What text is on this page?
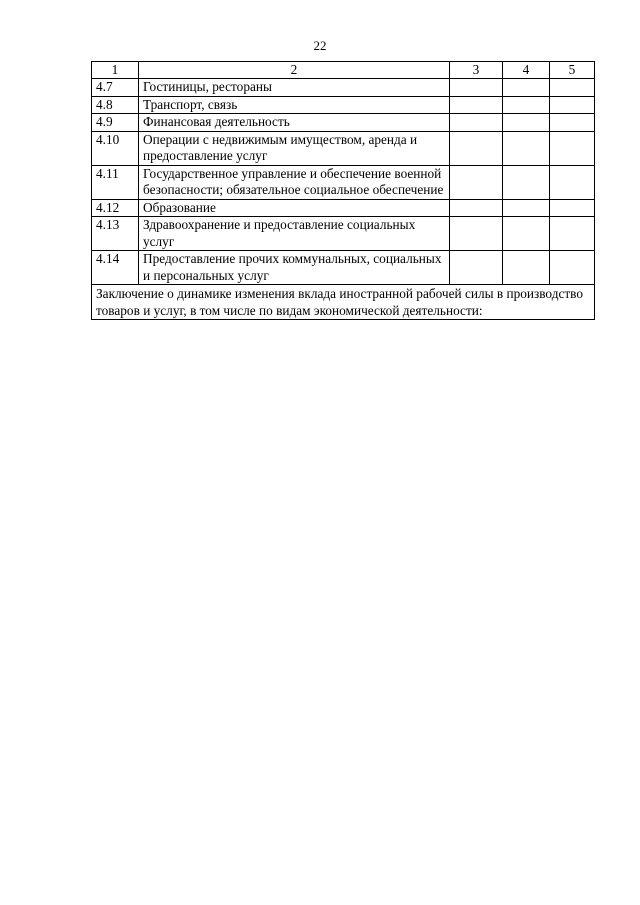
22
1	2	3	4	5
4.7	Гостиницы, рестораны			
4.8	Транспорт, связь			
4.9	Финансовая деятельность			
4.10	Операции с недвижимым имуществом, аренда и предоставление услуг			
4.11	Государственное управление и обеспечение военной безопасности; обязательное социальное обеспечение			
4.12	Образование			
4.13	Здравоохранение и предоставление социальных услуг			
4.14	Предоставление прочих коммунальных, социальных и персональных услуг			
Заключение о динамике изменения вклада иностранной рабочей силы в производство товаров и услуг, в том числе по видам экономической деятельности:				
